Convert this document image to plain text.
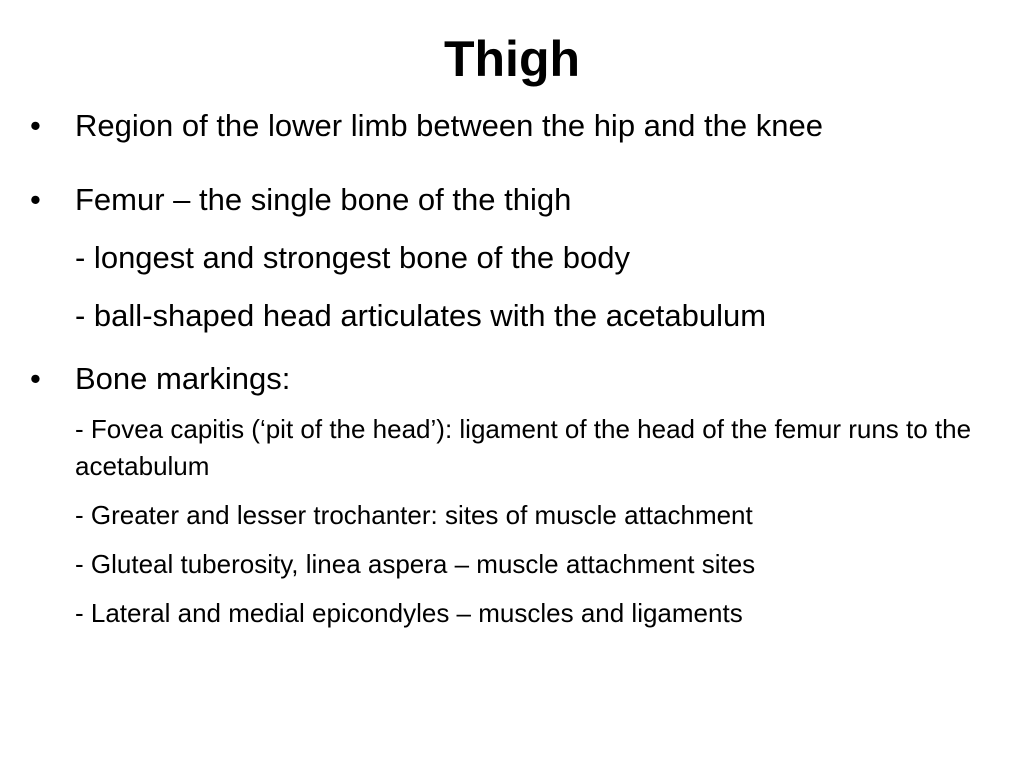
Thigh
• Region of the lower limb between the hip and the knee
• Femur – the single bone of the thigh
- longest and strongest bone of the body
- ball-shaped head articulates with the acetabulum
• Bone markings:
- Fovea capitis (‘pit of the head’): ligament of the head of the femur runs to the acetabulum
- Greater and lesser trochanter: sites of muscle attachment
- Gluteal tuberosity, linea aspera – muscle attachment sites
- Lateral and medial epicondyles – muscles and ligaments
